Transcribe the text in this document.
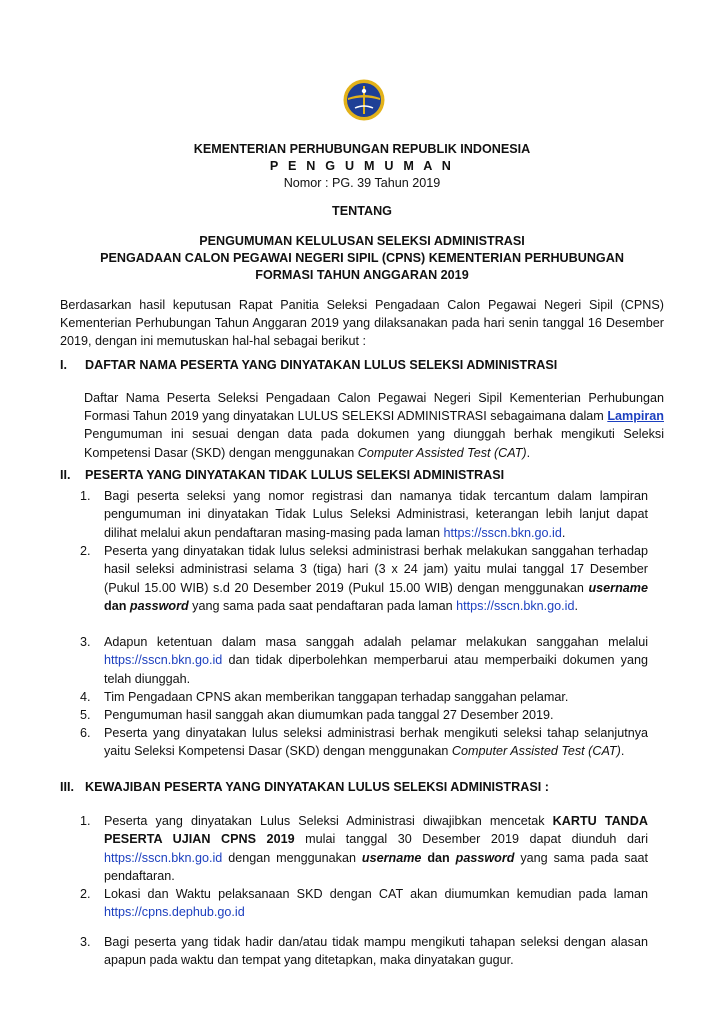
KEMENTERIAN PERHUBUNGAN REPUBLIK INDONESIA
P E N G U M U M A N
Nomor : PG. 39 Tahun 2019
TENTANG
PENGUMUMAN KELULUSAN SELEKSI ADMINISTRASI
PENGADAAN CALON PEGAWAI NEGERI SIPIL (CPNS) KEMENTERIAN PERHUBUNGAN
FORMASI TAHUN ANGGARAN 2019
Berdasarkan hasil keputusan Rapat Panitia Seleksi Pengadaan Calon Pegawai Negeri Sipil (CPNS) Kementerian Perhubungan Tahun Anggaran 2019 yang dilaksanakan pada hari senin tanggal 16 Desember 2019, dengan ini memutuskan hal-hal sebagai berikut :
I. DAFTAR NAMA PESERTA YANG DINYATAKAN LULUS SELEKSI ADMINISTRASI
Daftar Nama Peserta Seleksi Pengadaan Calon Pegawai Negeri Sipil Kementerian Perhubungan Formasi Tahun 2019 yang dinyatakan LULUS SELEKSI ADMINISTRASI sebagaimana dalam Lampiran Pengumuman ini sesuai dengan data pada dokumen yang diunggah berhak mengikuti Seleksi Kompetensi Dasar (SKD) dengan menggunakan Computer Assisted Test (CAT).
II. PESERTA YANG DINYATAKAN TIDAK LULUS SELEKSI ADMINISTRASI
1. Bagi peserta seleksi yang nomor registrasi dan namanya tidak tercantum dalam lampiran pengumuman ini dinyatakan Tidak Lulus Seleksi Administrasi, keterangan lebih lanjut dapat dilihat melalui akun pendaftaran masing-masing pada laman https://sscn.bkn.go.id.
2. Peserta yang dinyatakan tidak lulus seleksi administrasi berhak melakukan sanggahan terhadap hasil seleksi administrasi selama 3 (tiga) hari (3 x 24 jam) yaitu mulai tanggal 17 Desember (Pukul 15.00 WIB) s.d 20 Desember 2019 (Pukul 15.00 WIB) dengan menggunakan username dan password yang sama pada saat pendaftaran pada laman https://sscn.bkn.go.id.
3. Adapun ketentuan dalam masa sanggah adalah pelamar melakukan sanggahan melalui https://sscn.bkn.go.id dan tidak diperbolehkan memperbarui atau memperbaiki dokumen yang telah diunggah.
4. Tim Pengadaan CPNS akan memberikan tanggapan terhadap sanggahan pelamar.
5. Pengumuman hasil sanggah akan diumumkan pada tanggal 27 Desember 2019.
6. Peserta yang dinyatakan lulus seleksi administrasi berhak mengikuti seleksi tahap selanjutnya yaitu Seleksi Kompetensi Dasar (SKD) dengan menggunakan Computer Assisted Test (CAT).
III. KEWAJIBAN PESERTA YANG DINYATAKAN LULUS SELEKSI ADMINISTRASI :
1. Peserta yang dinyatakan Lulus Seleksi Administrasi diwajibkan mencetak KARTU TANDA PESERTA UJIAN CPNS 2019 mulai tanggal 30 Desember 2019 dapat diunduh dari https://sscn.bkn.go.id dengan menggunakan username dan password yang sama pada saat pendaftaran.
2. Lokasi dan Waktu pelaksanaan SKD dengan CAT akan diumumkan kemudian pada laman https://cpns.dephub.go.id
3. Bagi peserta yang tidak hadir dan/atau tidak mampu mengikuti tahapan seleksi dengan alasan apapun pada waktu dan tempat yang ditetapkan, maka dinyatakan gugur.
